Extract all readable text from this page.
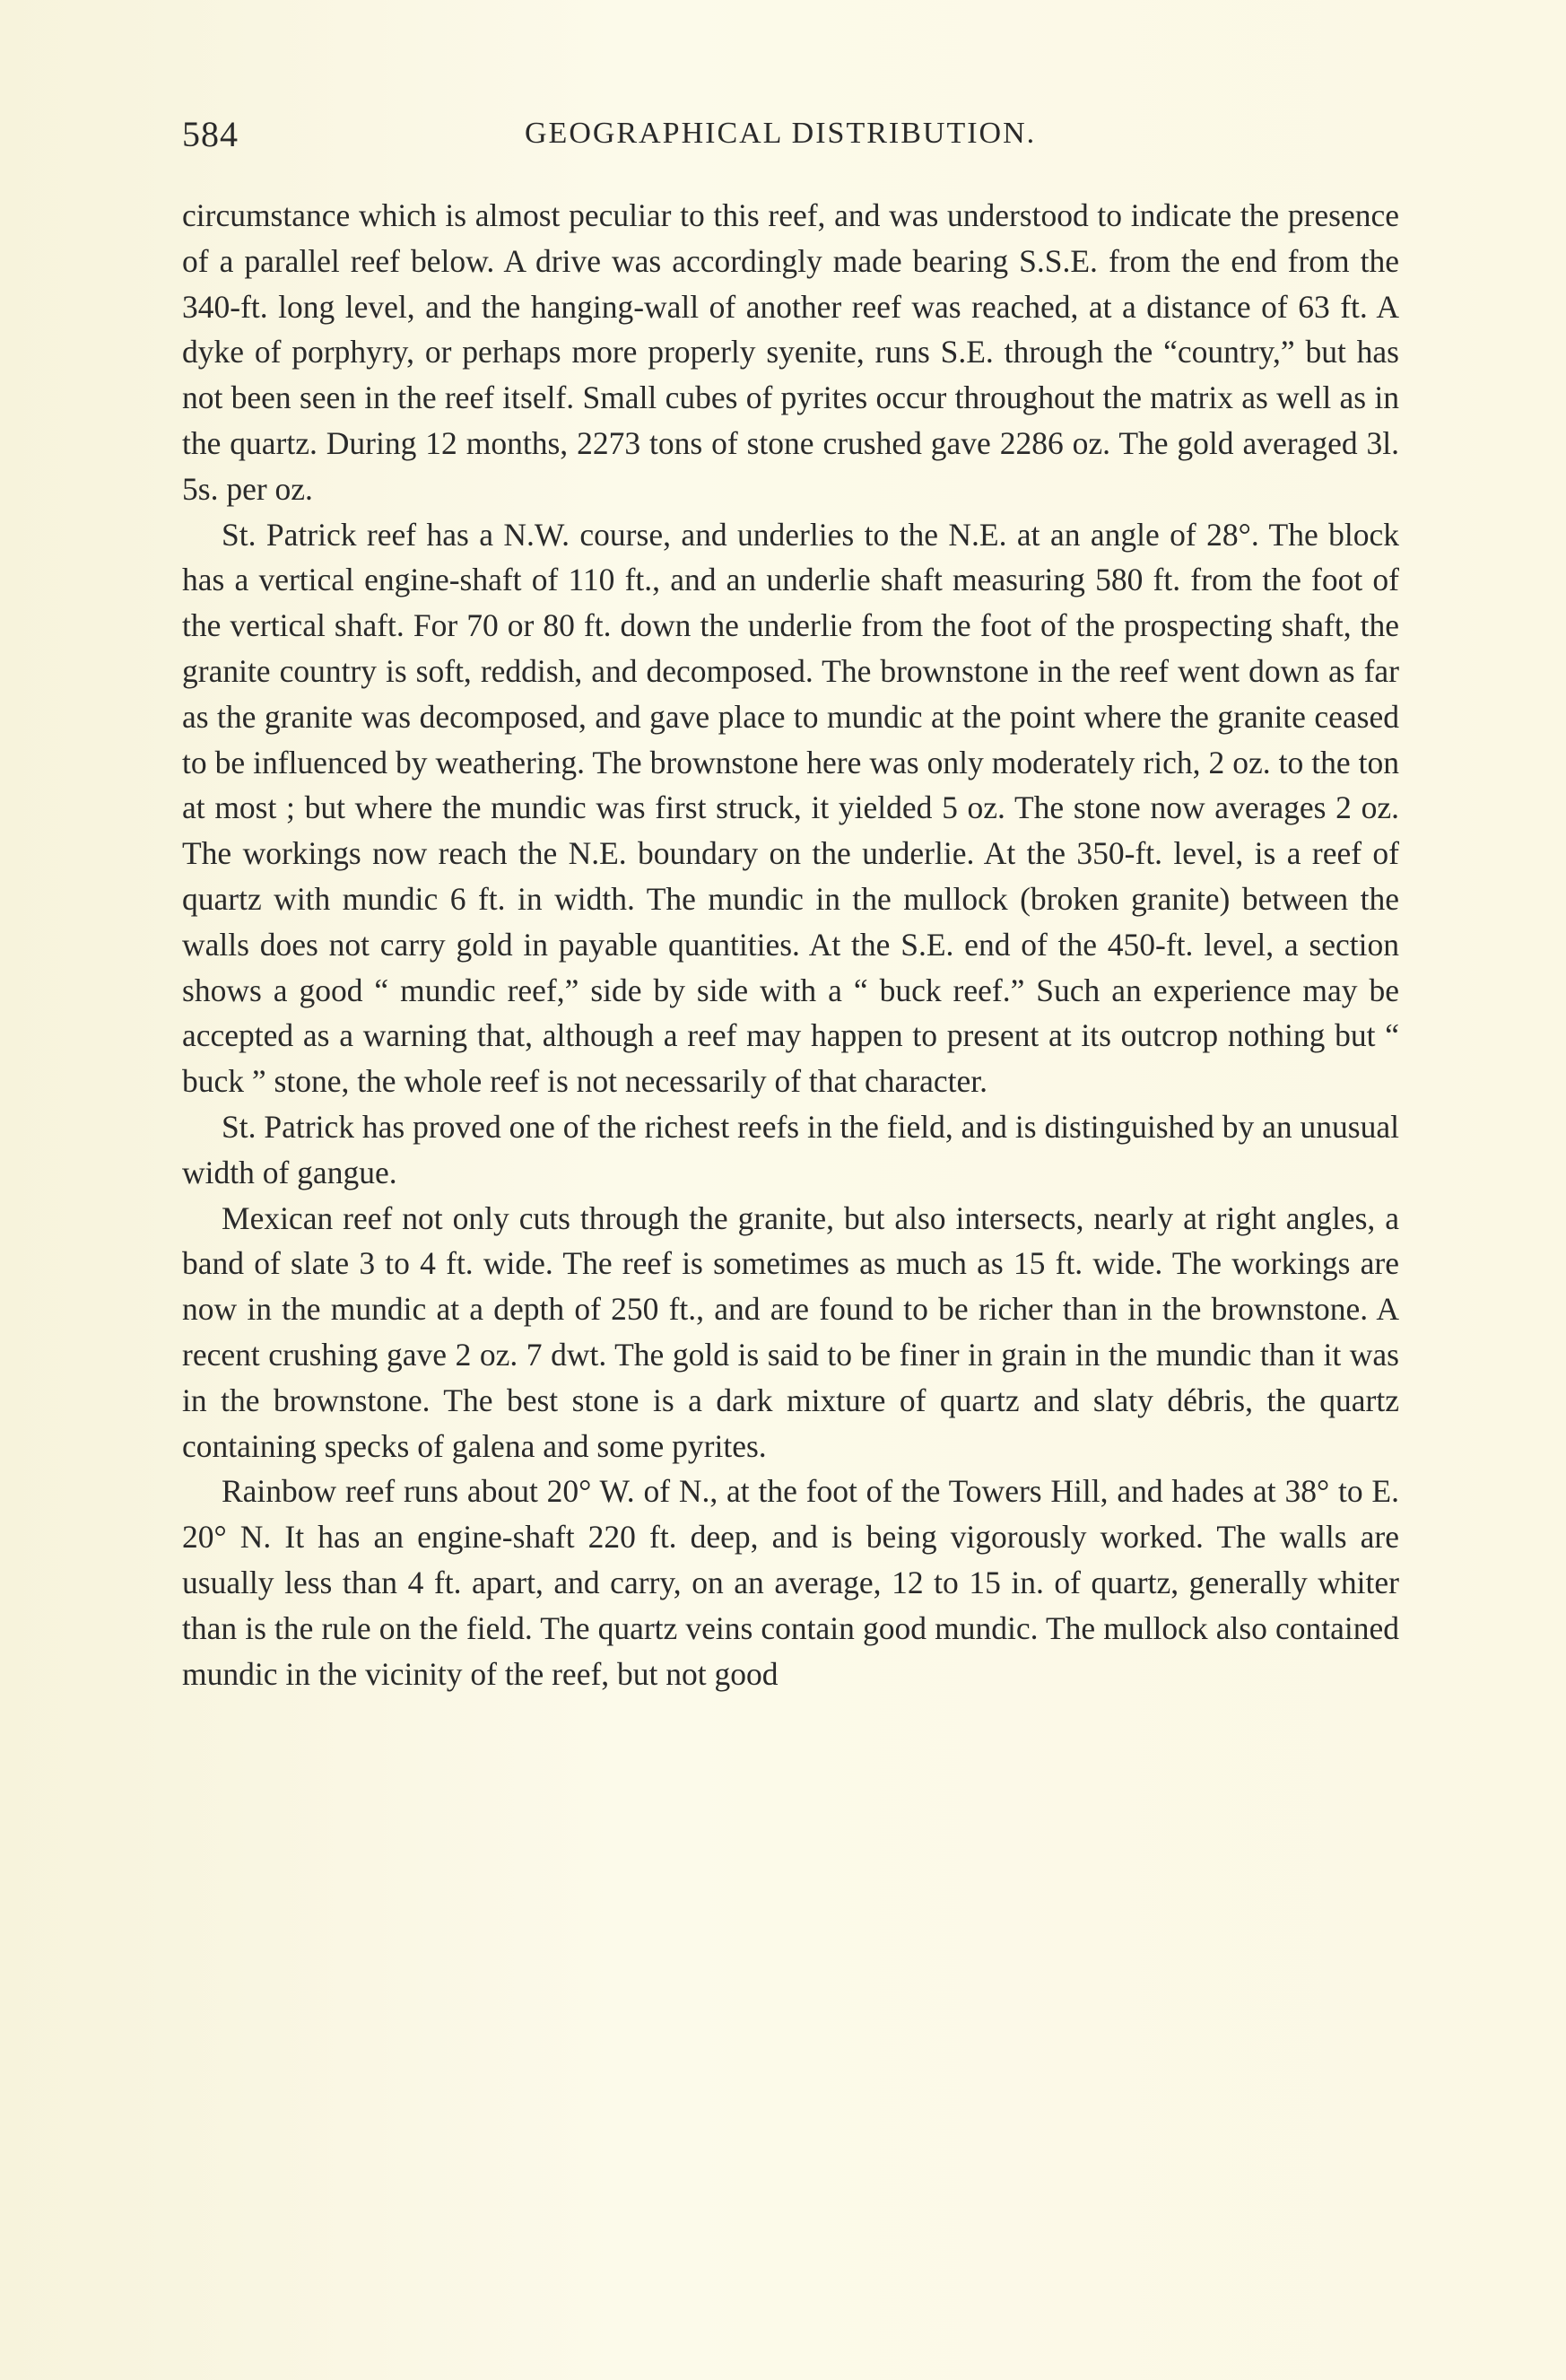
584	GEOGRAPHICAL DISTRIBUTION.

circumstance which is almost peculiar to this reef, and was understood to indicate the presence of a parallel reef below. A drive was accordingly made bearing S.S.E. from the end from the 340-ft. long level, and the hanging-wall of another reef was reached, at a distance of 63 ft. A dyke of porphyry, or perhaps more properly syenite, runs S.E. through the “country,” but has not been seen in the reef itself. Small cubes of pyrites occur throughout the matrix as well as in the quartz. During 12 months, 2273 tons of stone crushed gave 2286 oz. The gold averaged 3l. 5s. per oz.

St. Patrick reef has a N.W. course, and underlies to the N.E. at an angle of 28°. The block has a vertical engine-shaft of 110 ft., and an underlie shaft measuring 580 ft. from the foot of the vertical shaft. For 70 or 80 ft. down the underlie from the foot of the prospecting shaft, the granite country is soft, reddish, and decomposed. The brownstone in the reef went down as far as the granite was decomposed, and gave place to mundic at the point where the granite ceased to be influenced by weathering. The brownstone here was only moderately rich, 2 oz. to the ton at most ; but where the mundic was first struck, it yielded 5 oz. The stone now averages 2 oz. The workings now reach the N.E. boundary on the underlie. At the 350-ft. level, is a reef of quartz with mundic 6 ft. in width. The mundic in the mullock (broken granite) between the walls does not carry gold in payable quantities. At the S.E. end of the 450-ft. level, a section shows a good “ mundic reef,” side by side with a “ buck reef.” Such an experience may be accepted as a warning that, although a reef may happen to present at its outcrop nothing but “ buck ” stone, the whole reef is not necessarily of that character.

St. Patrick has proved one of the richest reefs in the field, and is distinguished by an unusual width of gangue.

Mexican reef not only cuts through the granite, but also intersects, nearly at right angles, a band of slate 3 to 4 ft. wide. The reef is sometimes as much as 15 ft. wide. The workings are now in the mundic at a depth of 250 ft., and are found to be richer than in the brownstone. A recent crushing gave 2 oz. 7 dwt. The gold is said to be finer in grain in the mundic than it was in the brownstone. The best stone is a dark mixture of quartz and slaty débris, the quartz containing specks of galena and some pyrites.

Rainbow reef runs about 20° W. of N., at the foot of the Towers Hill, and hades at 38° to E. 20° N. It has an engine-shaft 220 ft. deep, and is being vigorously worked. The walls are usually less than 4 ft. apart, and carry, on an average, 12 to 15 in. of quartz, generally whiter than is the rule on the field. The quartz veins contain good mundic. The mullock also contained mundic in the vicinity of the reef, but not good
